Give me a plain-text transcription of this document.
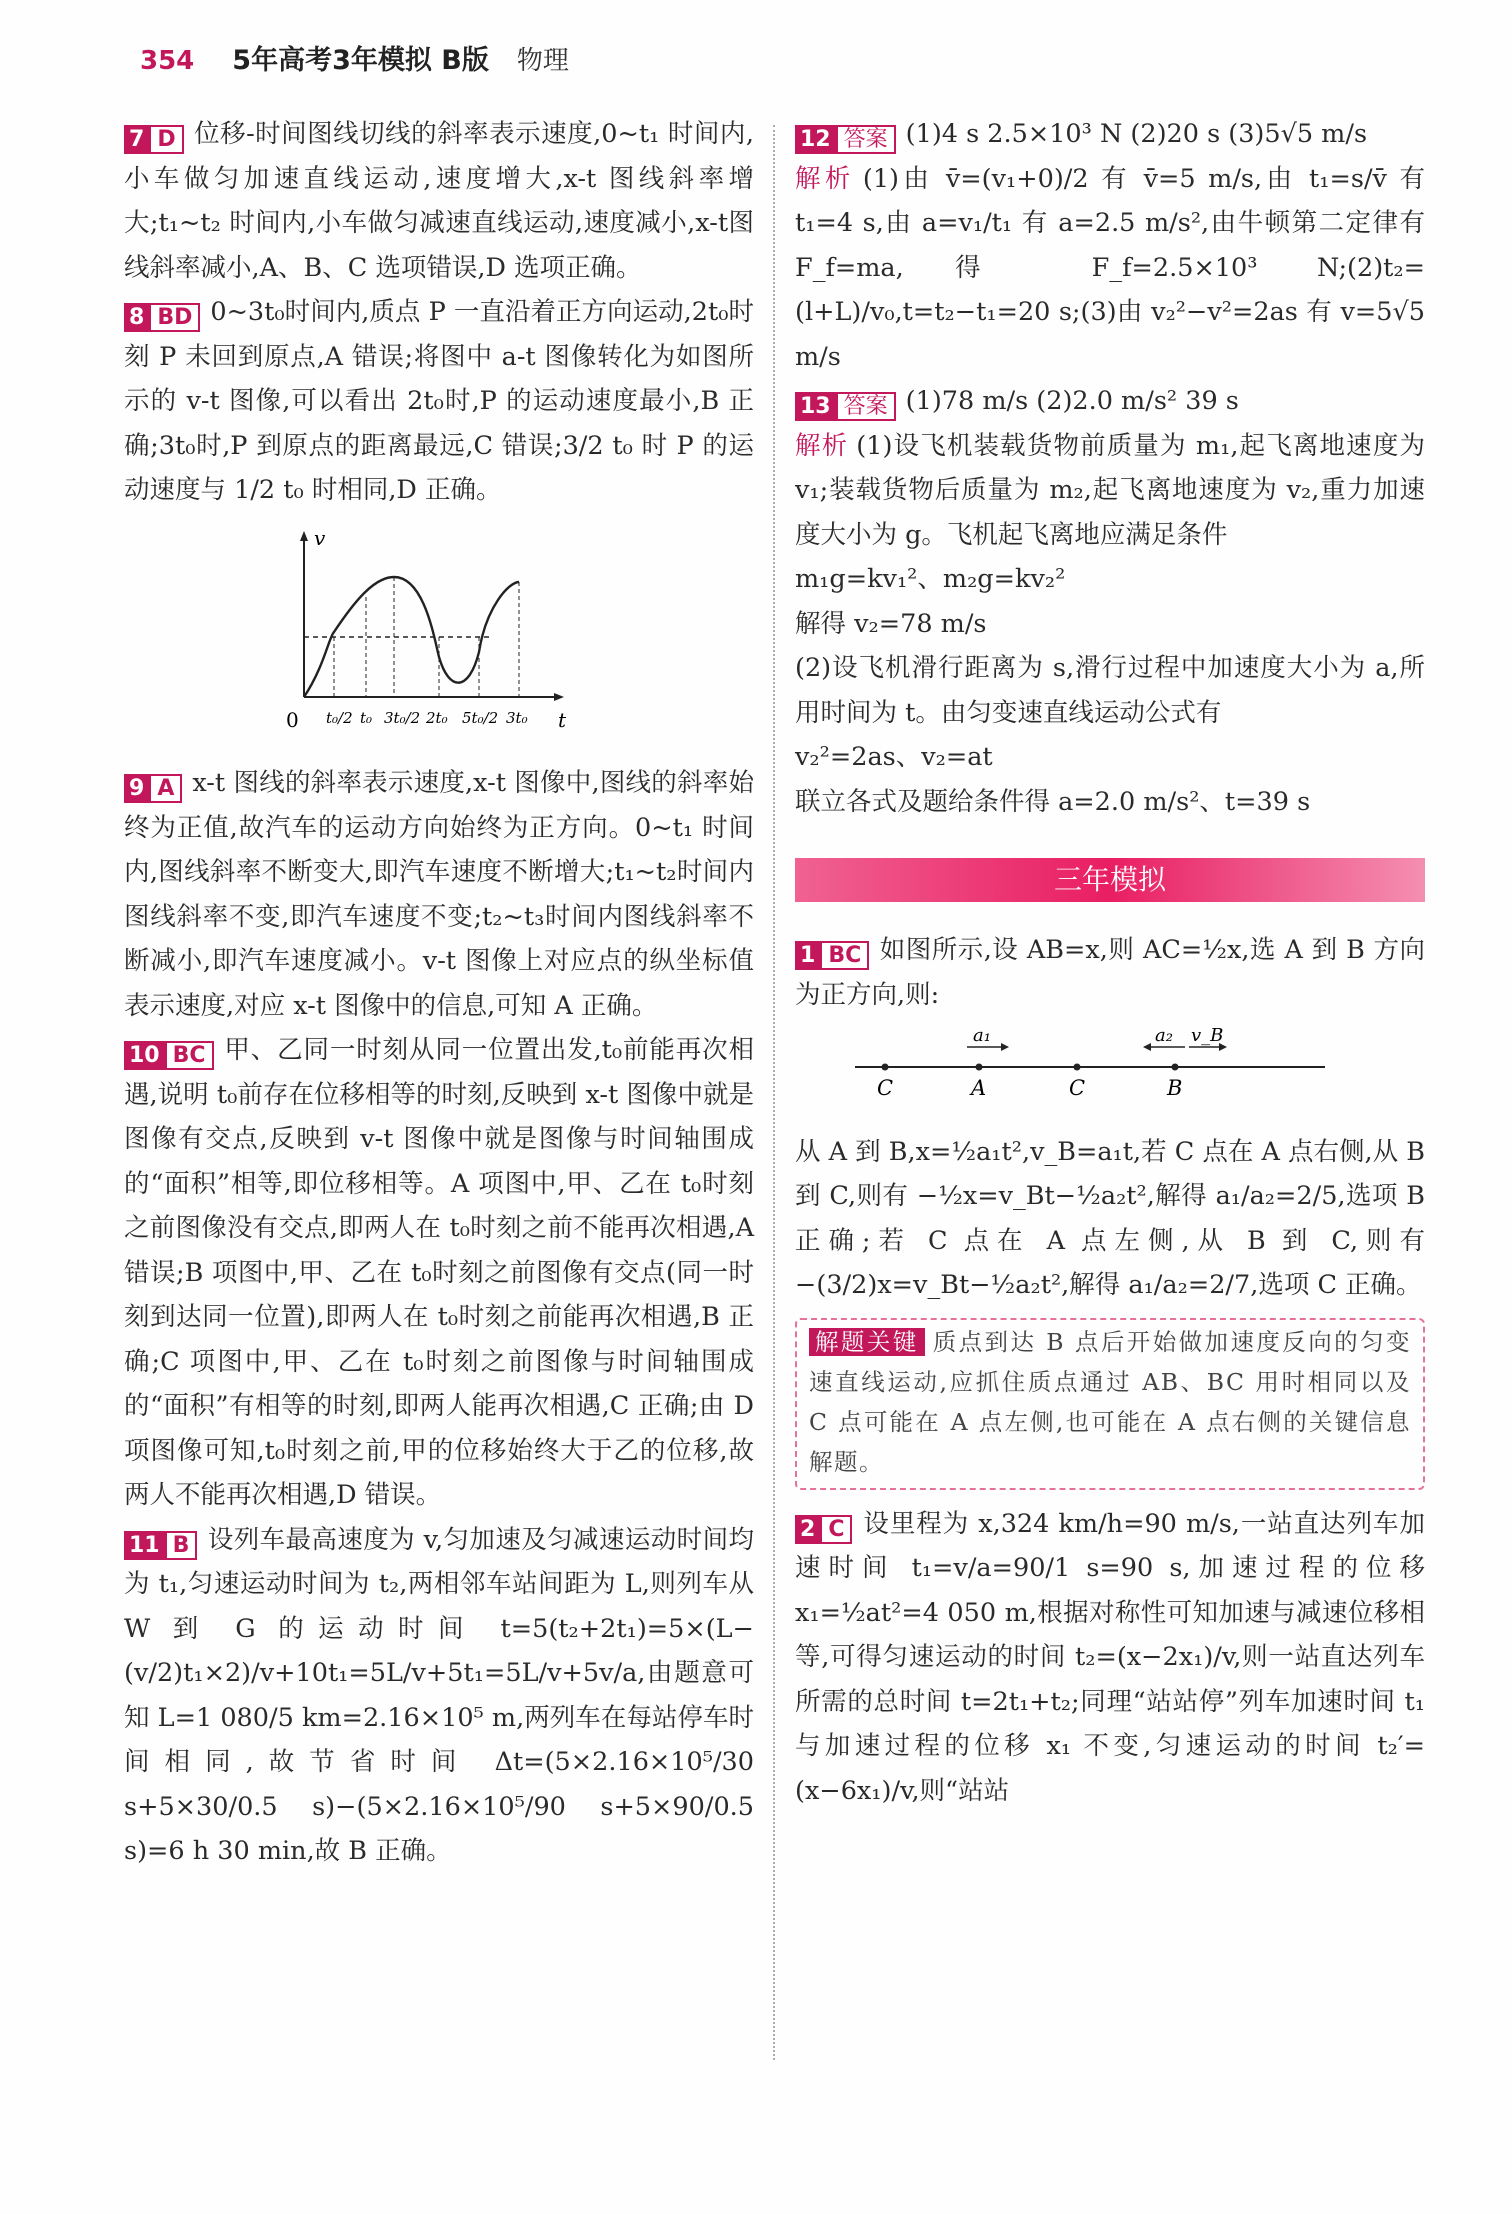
354 5年高考3年模拟 B版 物理

7 D 位移-时间图线切线的斜率表示速度,0~t₁ 时间内,小车做匀加速直线运动,速度增大,x-t 图线斜率增大;t₁~t₂ 时间内,小车做匀减速直线运动,速度减小,x-t图线斜率减小,A、B、C 选项错误,D 选项正确。

8 BD 0~3t₀时间内,质点 P 一直沿着正方向运动,2t₀时刻 P 未回到原点,A 错误;将图中 a-t 图像转化为如图所示的 v-t 图像,可以看出 2t₀时,P 的运动速度最小,B 正确;3t₀时,P 到原点的距离最远,C 错误;3/2 t₀ 时 P 的运动速度与 1/2 t₀ 时相同,D 正确。

v
t
0 t₀/2 t₀ 3t₀/2 2t₀ 5t₀/2 3t₀

9 A x-t 图线的斜率表示速度,x-t 图像中,图线的斜率始终为正值,故汽车的运动方向始终为正方向。0~t₁ 时间内,图线斜率不断变大,即汽车速度不断增大;t₁~t₂时间内图线斜率不变,即汽车速度不变;t₂~t₃时间内图线斜率不断减小,即汽车速度减小。v-t 图像上对应点的纵坐标值表示速度,对应 x-t 图像中的信息,可知 A 正确。

10 BC 甲、乙同一时刻从同一位置出发,t₀前能再次相遇,说明 t₀前存在位移相等的时刻,反映到 x-t 图像中就是图像有交点,反映到 v-t 图像中就是图像与时间轴围成的“面积”相等,即位移相等。A 项图中,甲、乙在 t₀时刻之前图像没有交点,即两人在 t₀时刻之前不能再次相遇,A 错误;B 项图中,甲、乙在 t₀时刻之前图像有交点(同一时刻到达同一位置),即两人在 t₀时刻之前能再次相遇,B 正确;C 项图中,甲、乙在 t₀时刻之前图像与时间轴围成的“面积”有相等的时刻,即两人能再次相遇,C 正确;由 D 项图像可知,t₀时刻之前,甲的位移始终大于乙的位移,故两人不能再次相遇,D 错误。

11 B 设列车最高速度为 v,匀加速及匀减速运动时间均为 t₁,匀速运动时间为 t₂,两相邻车站间距为 L,则列车从 W 到 G 的运动时间 t=5(t₂+2t₁)=5×(L−(v/2)t₁×2)/v+10t₁=5L/v+5t₁=5L/v+5v/a,由题意可知 L=1 080/5 km=2.16×10⁵ m,两列车在每站停车时间相同,故节省时间 Δt=(5×2.16×10⁵/30 s+5×30/0.5 s)−(5×2.16×10⁵/90 s+5×90/0.5 s)=6 h 30 min,故 B 正确。

12 答案 (1)4 s 2.5×10³ N (2)20 s (3)5√5 m/s

解析 (1)由 v̄=(v₁+0)/2 有 v̄=5 m/s,由 t₁=s/v̄ 有 t₁=4 s,由 a=v₁/t₁ 有 a=2.5 m/s²,由牛顿第二定律有 F_f=ma,得 F_f=2.5×10³ N;(2)t₂=(l+L)/v₀,t=t₂−t₁=20 s;(3)由 v₂²−v²=2as 有 v=5√5 m/s

13 答案 (1)78 m/s (2)2.0 m/s² 39 s

解析 (1)设飞机装载货物前质量为 m₁,起飞离地速度为 v₁;装载货物后质量为 m₂,起飞离地速度为 v₂,重力加速度大小为 g。飞机起飞离地应满足条件

m₁g=kv₁²、m₂g=kv₂²

解得 v₂=78 m/s

(2)设飞机滑行距离为 s,滑行过程中加速度大小为 a,所用时间为 t。由匀变速直线运动公式有

v₂²=2as、v₂=at

联立各式及题给条件得 a=2.0 m/s²、t=39 s

三年模拟

1 BC 如图所示,设 AB=x,则 AC=½x,选 A 到 B 方向为正方向,则:

C	A	C	B
a₁	a₂ v_B

从 A 到 B,x=½a₁t²,v_B=a₁t,若 C 点在 A 点右侧,从 B 到 C,则有 −½x=v_Bt−½a₂t²,解得 a₁/a₂=2/5,选项 B 正确;若 C 点在 A 点左侧,从 B 到 C,则有 −(3/2)x=v_Bt−½a₂t²,解得 a₁/a₂=2/7,选项 C 正确。

解题关键 质点到达 B 点后开始做加速度反向的匀变速直线运动,应抓住质点通过 AB、BC 用时相同以及 C 点可能在 A 点左侧,也可能在 A 点右侧的关键信息解题。

2 C 设里程为 x,324 km/h=90 m/s,一站直达列车加速时间 t₁=v/a=90/1 s=90 s,加速过程的位移 x₁=½at²=4 050 m,根据对称性可知加速与减速位移相等,可得匀速运动的时间 t₂=(x−2x₁)/v,则一站直达列车所需的总时间 t=2t₁+t₂;同理“站站停”列车加速时间 t₁ 与加速过程的位移 x₁ 不变,匀速运动的时间 t₂′=(x−6x₁)/v,则“站站
